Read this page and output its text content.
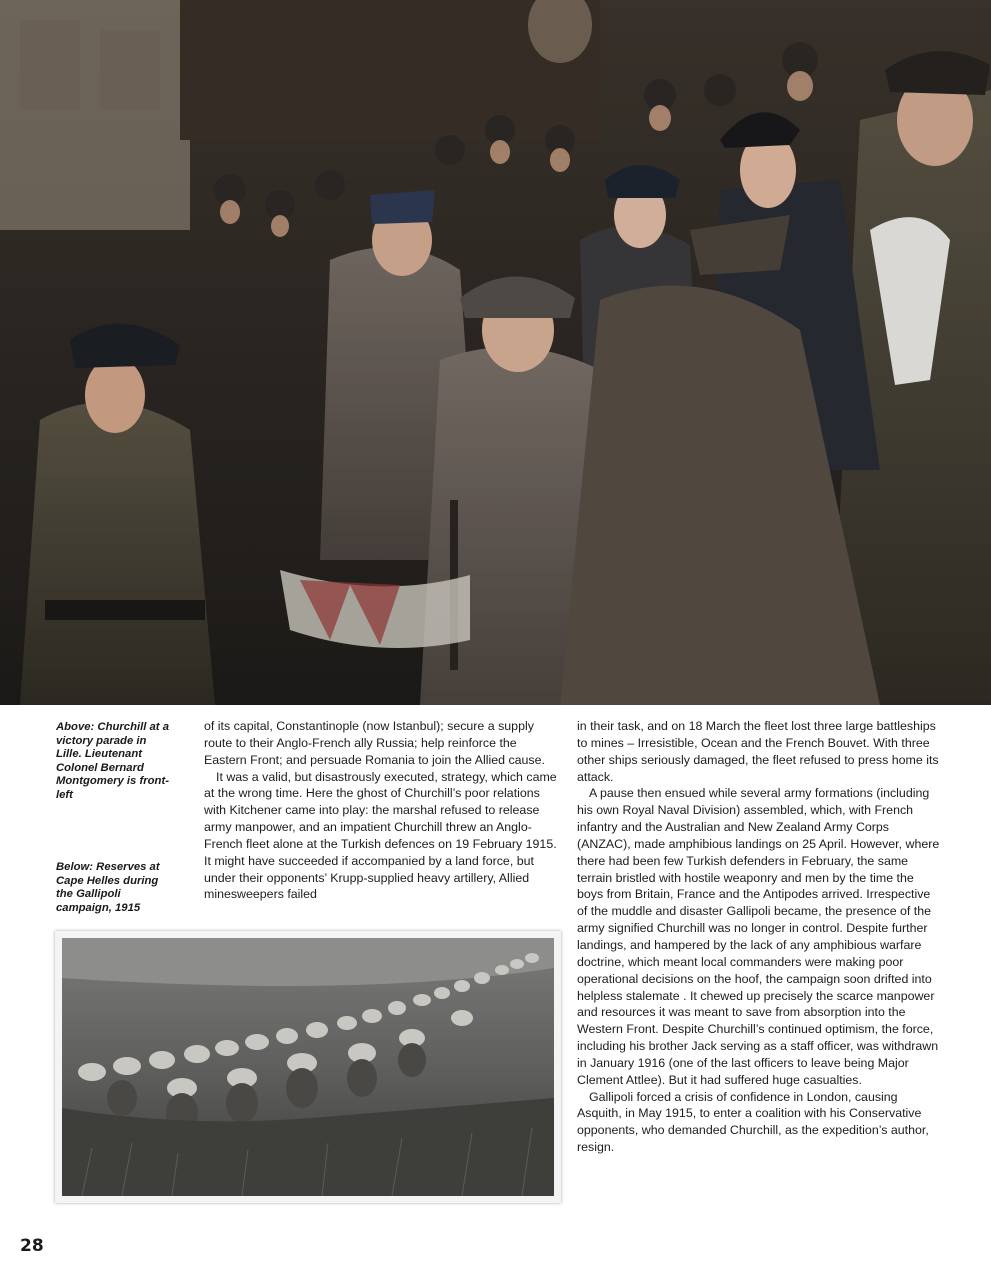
Above: Churchill at a victory parade in Lille. Lieutenant Colonel Bernard Montgomery is front-left
Below: Reserves at Cape Helles during the Gallipoli campaign, 1915

of its capital, Constantinople (now Istanbul); secure a supply route to their Anglo-French ally Russia; help reinforce the Eastern Front; and persuade Romania to join the Allied cause.

It was a valid, but disastrously executed, strategy, which came at the wrong time. Here the ghost of Churchill’s poor relations with Kitchener came into play: the marshal refused to release army manpower, and an impatient Churchill threw an Anglo-French fleet alone at the Turkish defences on 19 February 1915. It might have succeeded if accompanied by a land force, but under their opponents’ Krupp-supplied heavy artillery, Allied minesweepers failed

in their task, and on 18 March the fleet lost three large battleships to mines – Irresistible, Ocean and the French Bouvet. With three other ships seriously damaged, the fleet refused to press home its attack.

A pause then ensued while several army formations (including his own Royal Naval Division) assembled, which, with French infantry and the Australian and New Zealand Army Corps (ANZAC), made amphibious landings on 25 April. However, where there had been few Turkish defenders in February, the same terrain bristled with hostile weaponry and men by the time the boys from Britain, France and the Antipodes arrived. Irrespective of the muddle and disaster Gallipoli became, the presence of the army signified Churchill was no longer in control. Despite further landings, and hampered by the lack of any amphibious warfare doctrine, which meant local commanders were making poor operational decisions on the hoof, the campaign soon drifted into helpless stalemate . It chewed up precisely the scarce manpower and resources it was meant to save from absorption into the Western Front. Despite Churchill’s continued optimism, the force, including his brother Jack serving as a staff officer, was withdrawn in January 1916 (one of the last officers to leave being Major Clement Attlee). But it had suffered huge casualties.

Gallipoli forced a crisis of confidence in London, causing Asquith, in May 1915, to enter a coalition with his Conservative opponents, who demanded Churchill, as the expedition’s author, resign.

28
